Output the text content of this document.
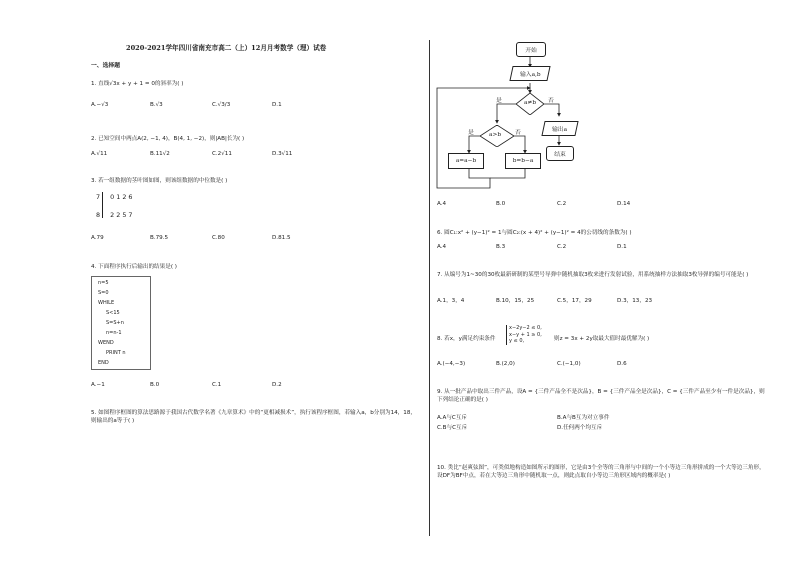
2020-2021学年四川省南充市高二（上）12月月考数学（理）试卷
一、选择题
1. 直线√3x + y + 1 = 0的斜率为( )
A.−√3	B.√3	C.√3/3	D.1
2. 已知空间中两点A(2, −1, 4)，B(4, 1, −2)，则|AB|长为( )
A.√11	B.11√2	C.2√11	D.3√11
3. 若一组数据的茎叶图如图，则该组数据的中位数是( )
7 0 1 2 6
8 2 2 5 7
A.79	B.79.5	C.80	D.81.5
4. 下面程序执行后输出的结果是( )
n=5
S=0
WHILE
S<15
S=S+n
n=n-1
WEND
PRINT n
END
A.−1	B.0	C.1	D.2
5. 如图程序框图的算法思路源于我国古代数学名著《九章算术》中的“更相减损术”，执行该程序框图，若输入a，b分别为14，18，则输出的a等于( )
开始
输入a,b
a≠b
a>b
a=a−b	b=b−a
输出a
结束
是	否
是	否
A.4	B.0	C.2	D.14
6. 圆C₁:x² + (y−1)² = 1与圆C₂:(x + 4)² + (y−1)² = 4的公切线的条数为( )
A.4	B.3	C.2	D.1
7. 从编号为1~30的30枚最新研制的某型号导弹中随机抽取3枚来进行发射试验，用系统抽样方法抽取3枚导弹的编号可能是( )
A.1，3，4	B.10，15，25	C.5，17，29	D.3，13，23
8. 若x，y满足约束条件
x−2y−2 ≤ 0,
x−y + 1 ≥ 0,
y ≤ 0,	则z = 3x + 2y取最大值时最优解为( )
A.(−4,−3)	B.(2,0)	C.(−1,0)	D.6
9. 从一批产品中取出三件产品，设A = {三件产品全不是次品}，B = {三件产品全是次品}，C = {三件产品至少有一件是次品}，则下列结论正确的是( )
A.A与C互斥	B.A与B互为对立事件
C.B与C互斥	D.任何两个均互斥
10. 类比“赵爽弦图”，可类似地构造如图所示的图形，它是由3个全等的三角形与中间的一个小等边三角形拼成的一个大等边三角形，设DF为BF中点，若在大等边三角形中随机取一点，则此点取自小等边三角形区域内的概率是( )
